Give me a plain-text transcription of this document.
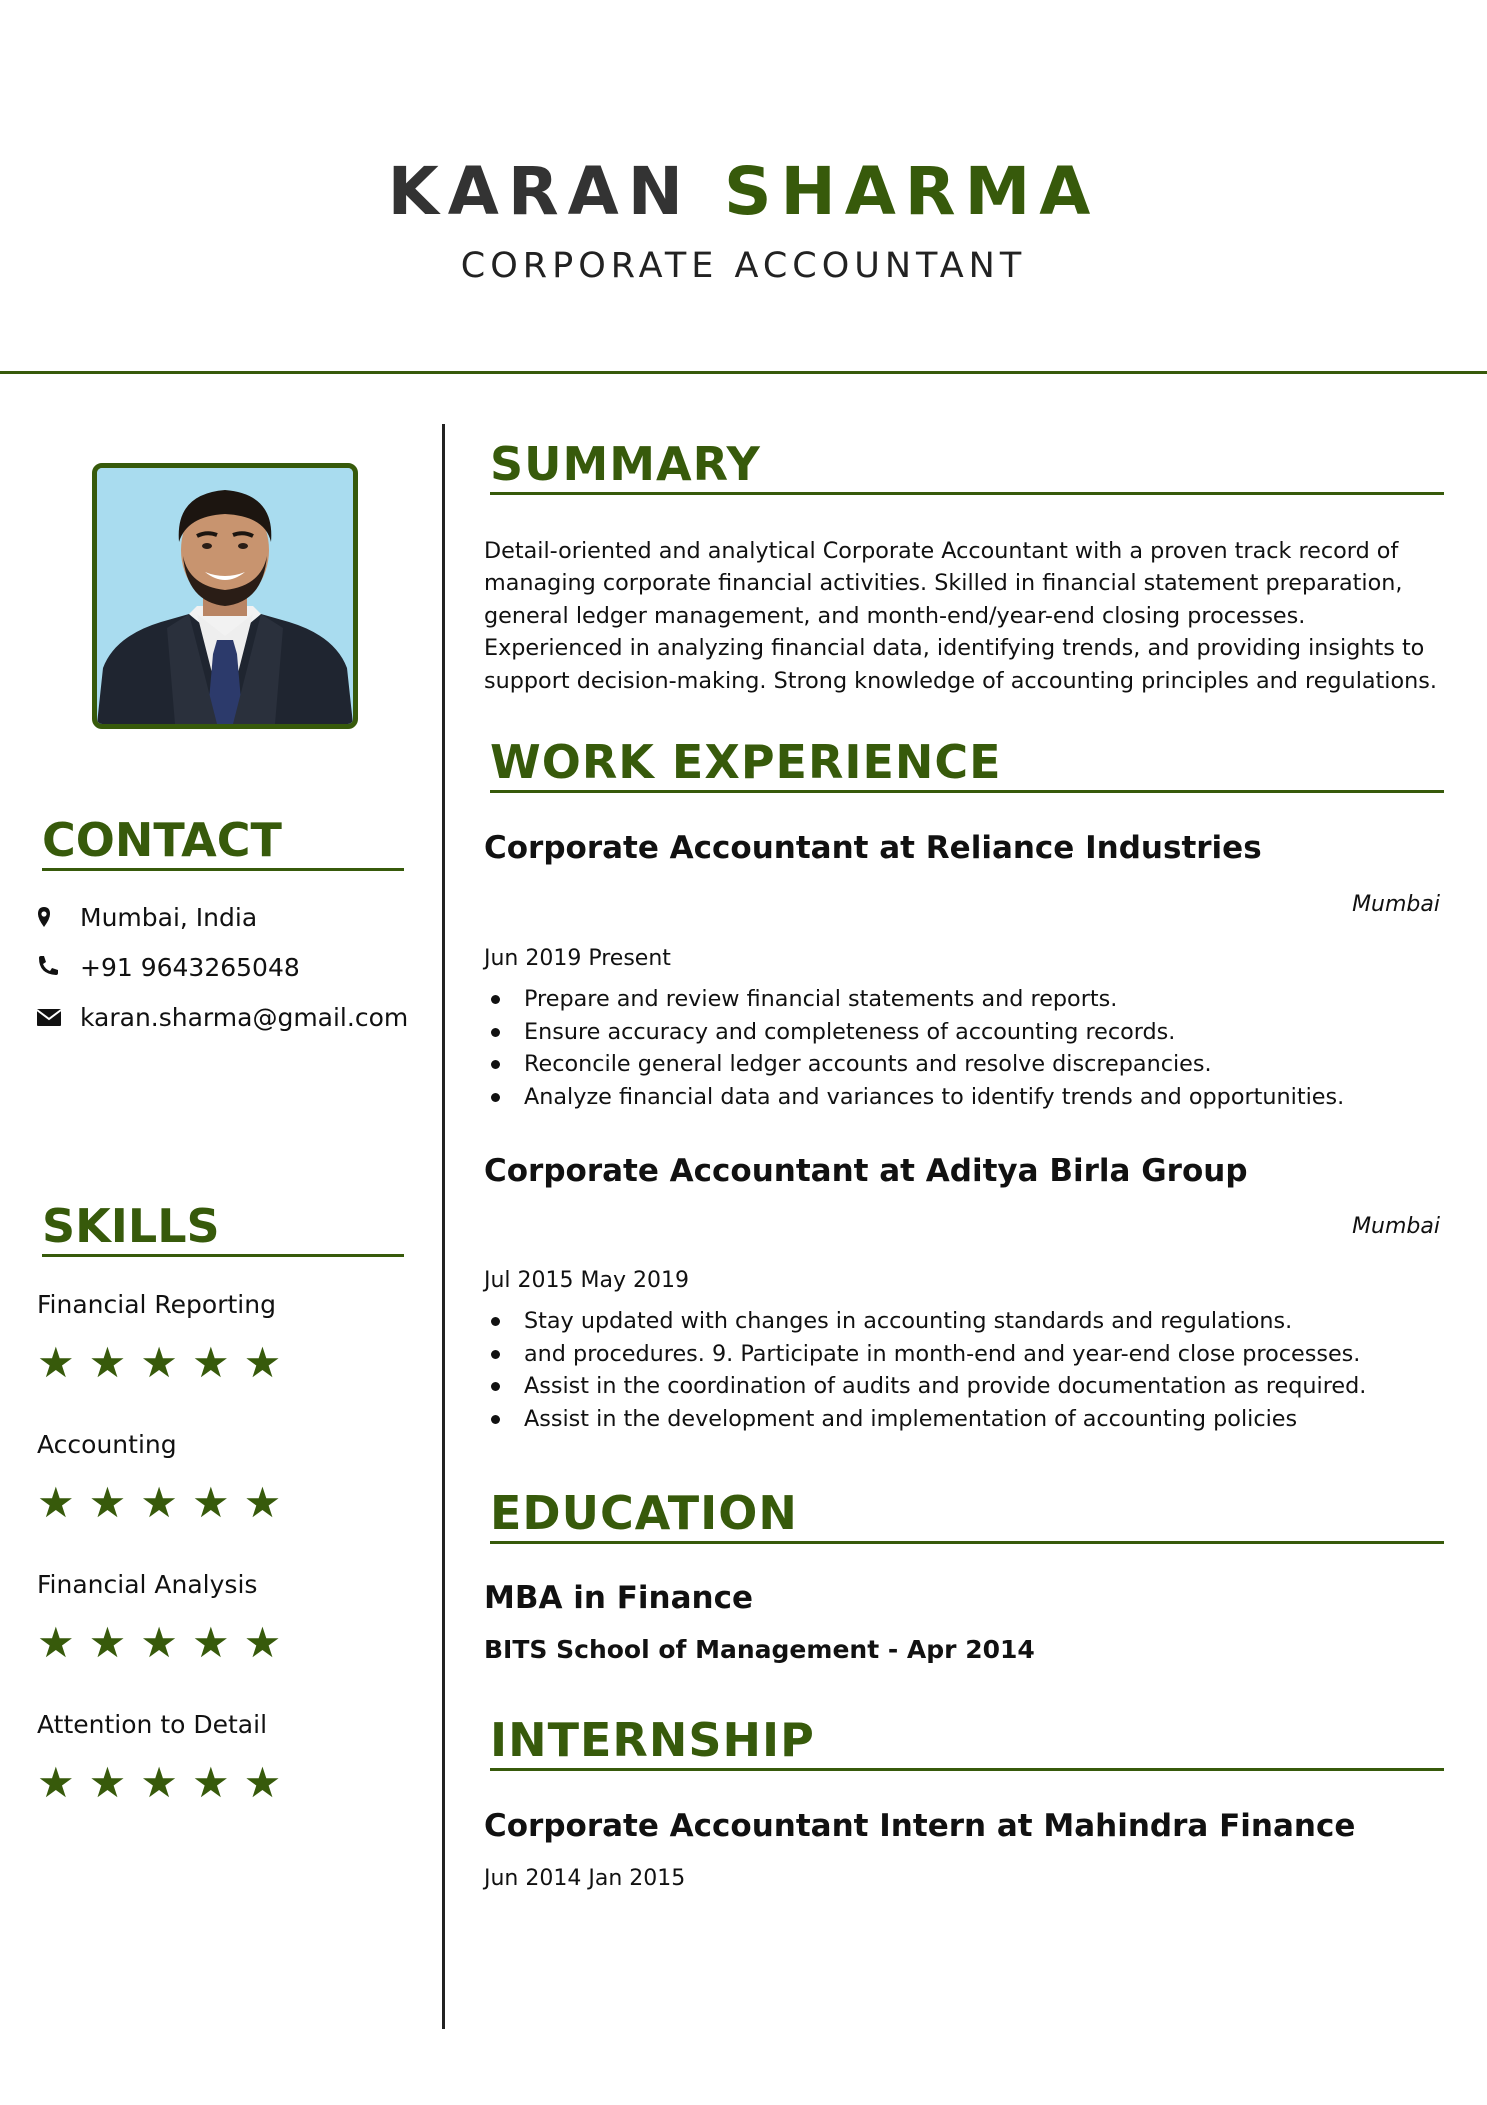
KARAN SHARMA
CORPORATE ACCOUNTANT
CONTACT
Mumbai, India
+91 9643265048
karan.sharma@gmail.com
SKILLS
Financial Reporting
★★★★★
Accounting
★★★★★
Financial Analysis
★★★★★
Attention to Detail
★★★★★
SUMMARY
Detail-oriented and analytical Corporate Accountant with a proven track record of
managing corporate financial activities. Skilled in financial statement preparation,
general ledger management, and month-end/year-end closing processes.
Experienced in analyzing financial data, identifying trends, and providing insights to
support decision-making. Strong knowledge of accounting principles and regulations.
WORK EXPERIENCE
Corporate Accountant at Reliance Industries
Mumbai
Jun 2019 Present
Prepare and review financial statements and reports.
Ensure accuracy and completeness of accounting records.
Reconcile general ledger accounts and resolve discrepancies.
Analyze financial data and variances to identify trends and opportunities.
Corporate Accountant at Aditya Birla Group
Mumbai
Jul 2015 May 2019
Stay updated with changes in accounting standards and regulations.
and procedures. 9. Participate in month-end and year-end close processes.
Assist in the coordination of audits and provide documentation as required.
Assist in the development and implementation of accounting policies
EDUCATION
MBA in Finance
BITS School of Management - Apr 2014
INTERNSHIP
Corporate Accountant Intern at Mahindra Finance
Jun 2014 Jan 2015
